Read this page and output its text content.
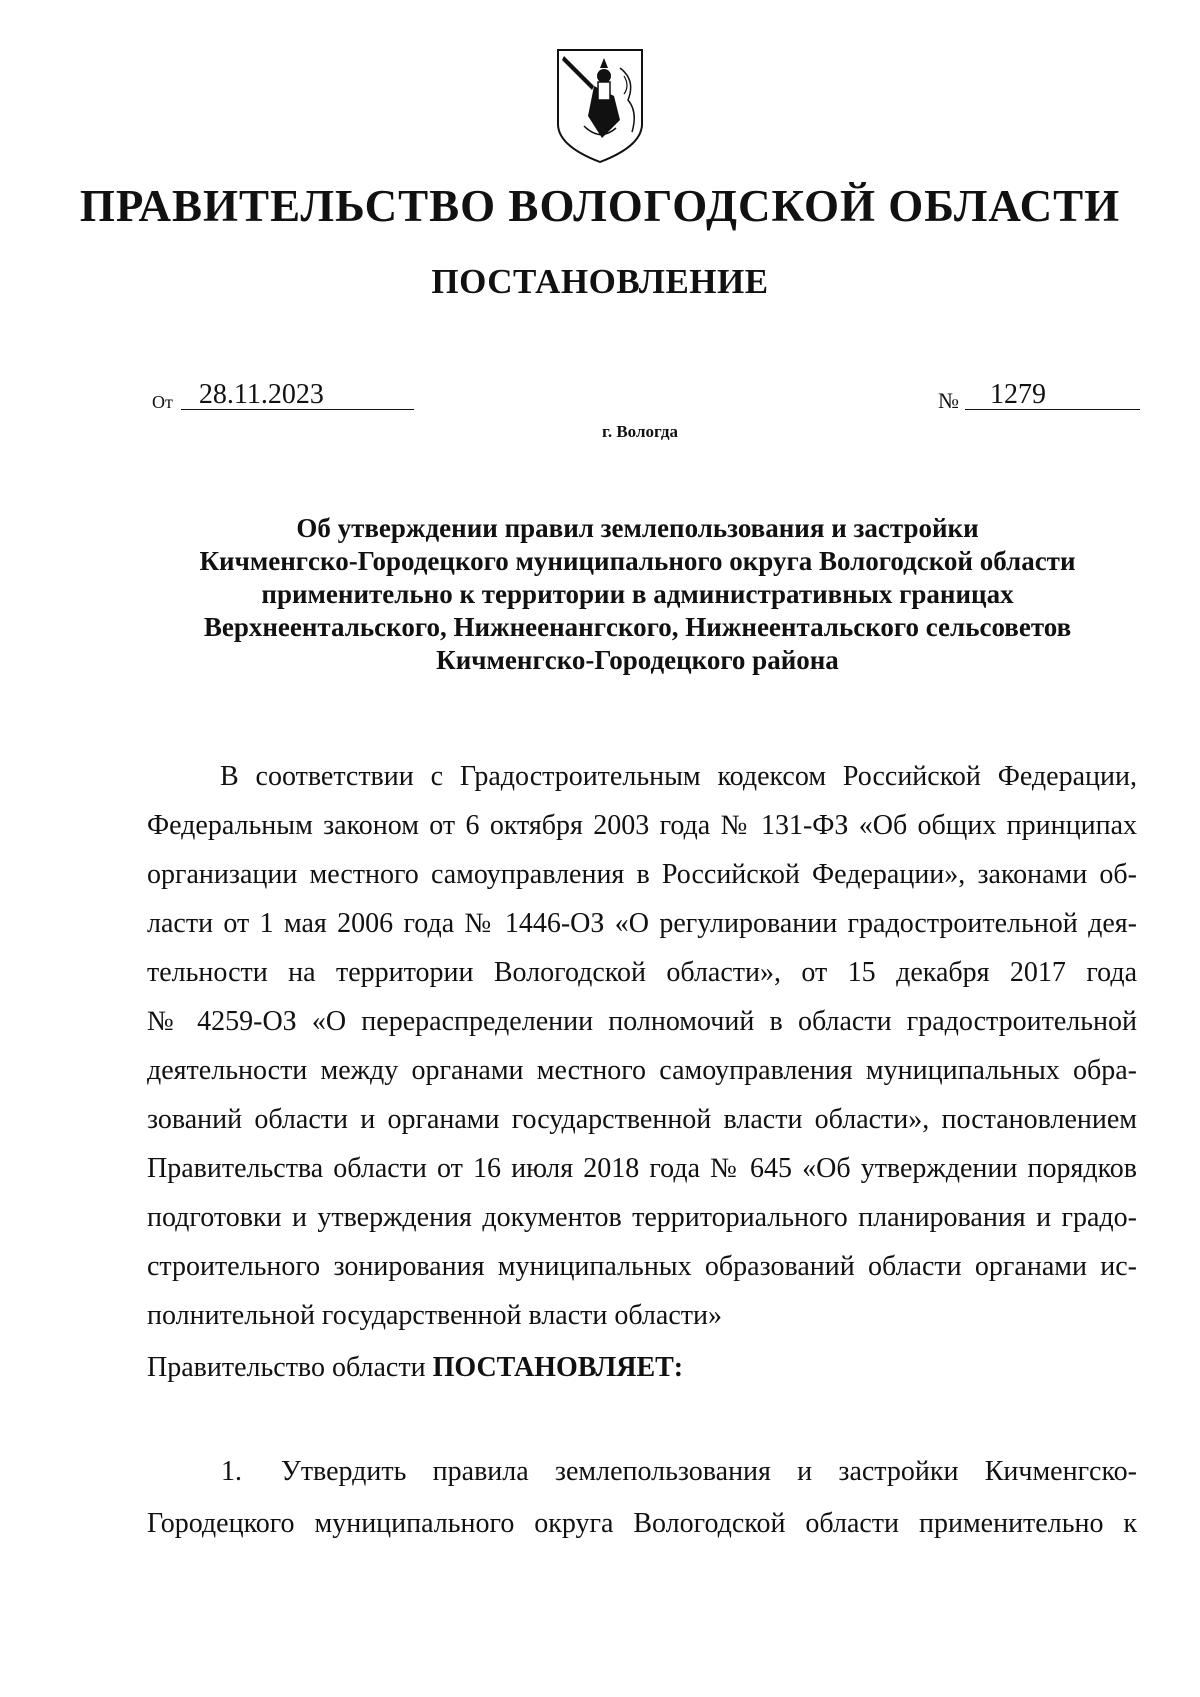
ПРАВИТЕЛЬСТВО ВОЛОГОДСКОЙ ОБЛАСТИ
ПОСТАНОВЛЕНИЕ
От 28.11.2023	№ 1279
г. Вологда
Об утверждении правил землепользования и застройки
Кичменгско-Городецкого муниципального округа Вологодской области
применительно к территории в административных границах
Верхнеентальского, Нижнеенангского, Нижнеентальского сельсоветов
Кичменгско-Городецкого района
В соответствии с Градостроительным кодексом Российской Федерации,
Федеральным законом от 6 октября 2003 года № 131-ФЗ «Об общих принципах
организации местного самоуправления в Российской Федерации», законами об-
ласти от 1 мая 2006 года № 1446-ОЗ «О регулировании градостроительной дея-
тельности на территории Вологодской области», от 15 декабря 2017 года
№ 4259-ОЗ «О перераспределении полномочий в области градостроительной
деятельности между органами местного самоуправления муниципальных обра-
зований области и органами государственной власти области», постановлением
Правительства области от 16 июля 2018 года № 645 «Об утверждении порядков
подготовки и утверждения документов территориального планирования и градо-
строительного зонирования муниципальных образований области органами ис-
полнительной государственной власти области»
Правительство области ПОСТАНОВЛЯЕТ:
1. Утвердить правила землепользования и застройки Кичменгско-
Городецкого муниципального округа Вологодской области применительно к
